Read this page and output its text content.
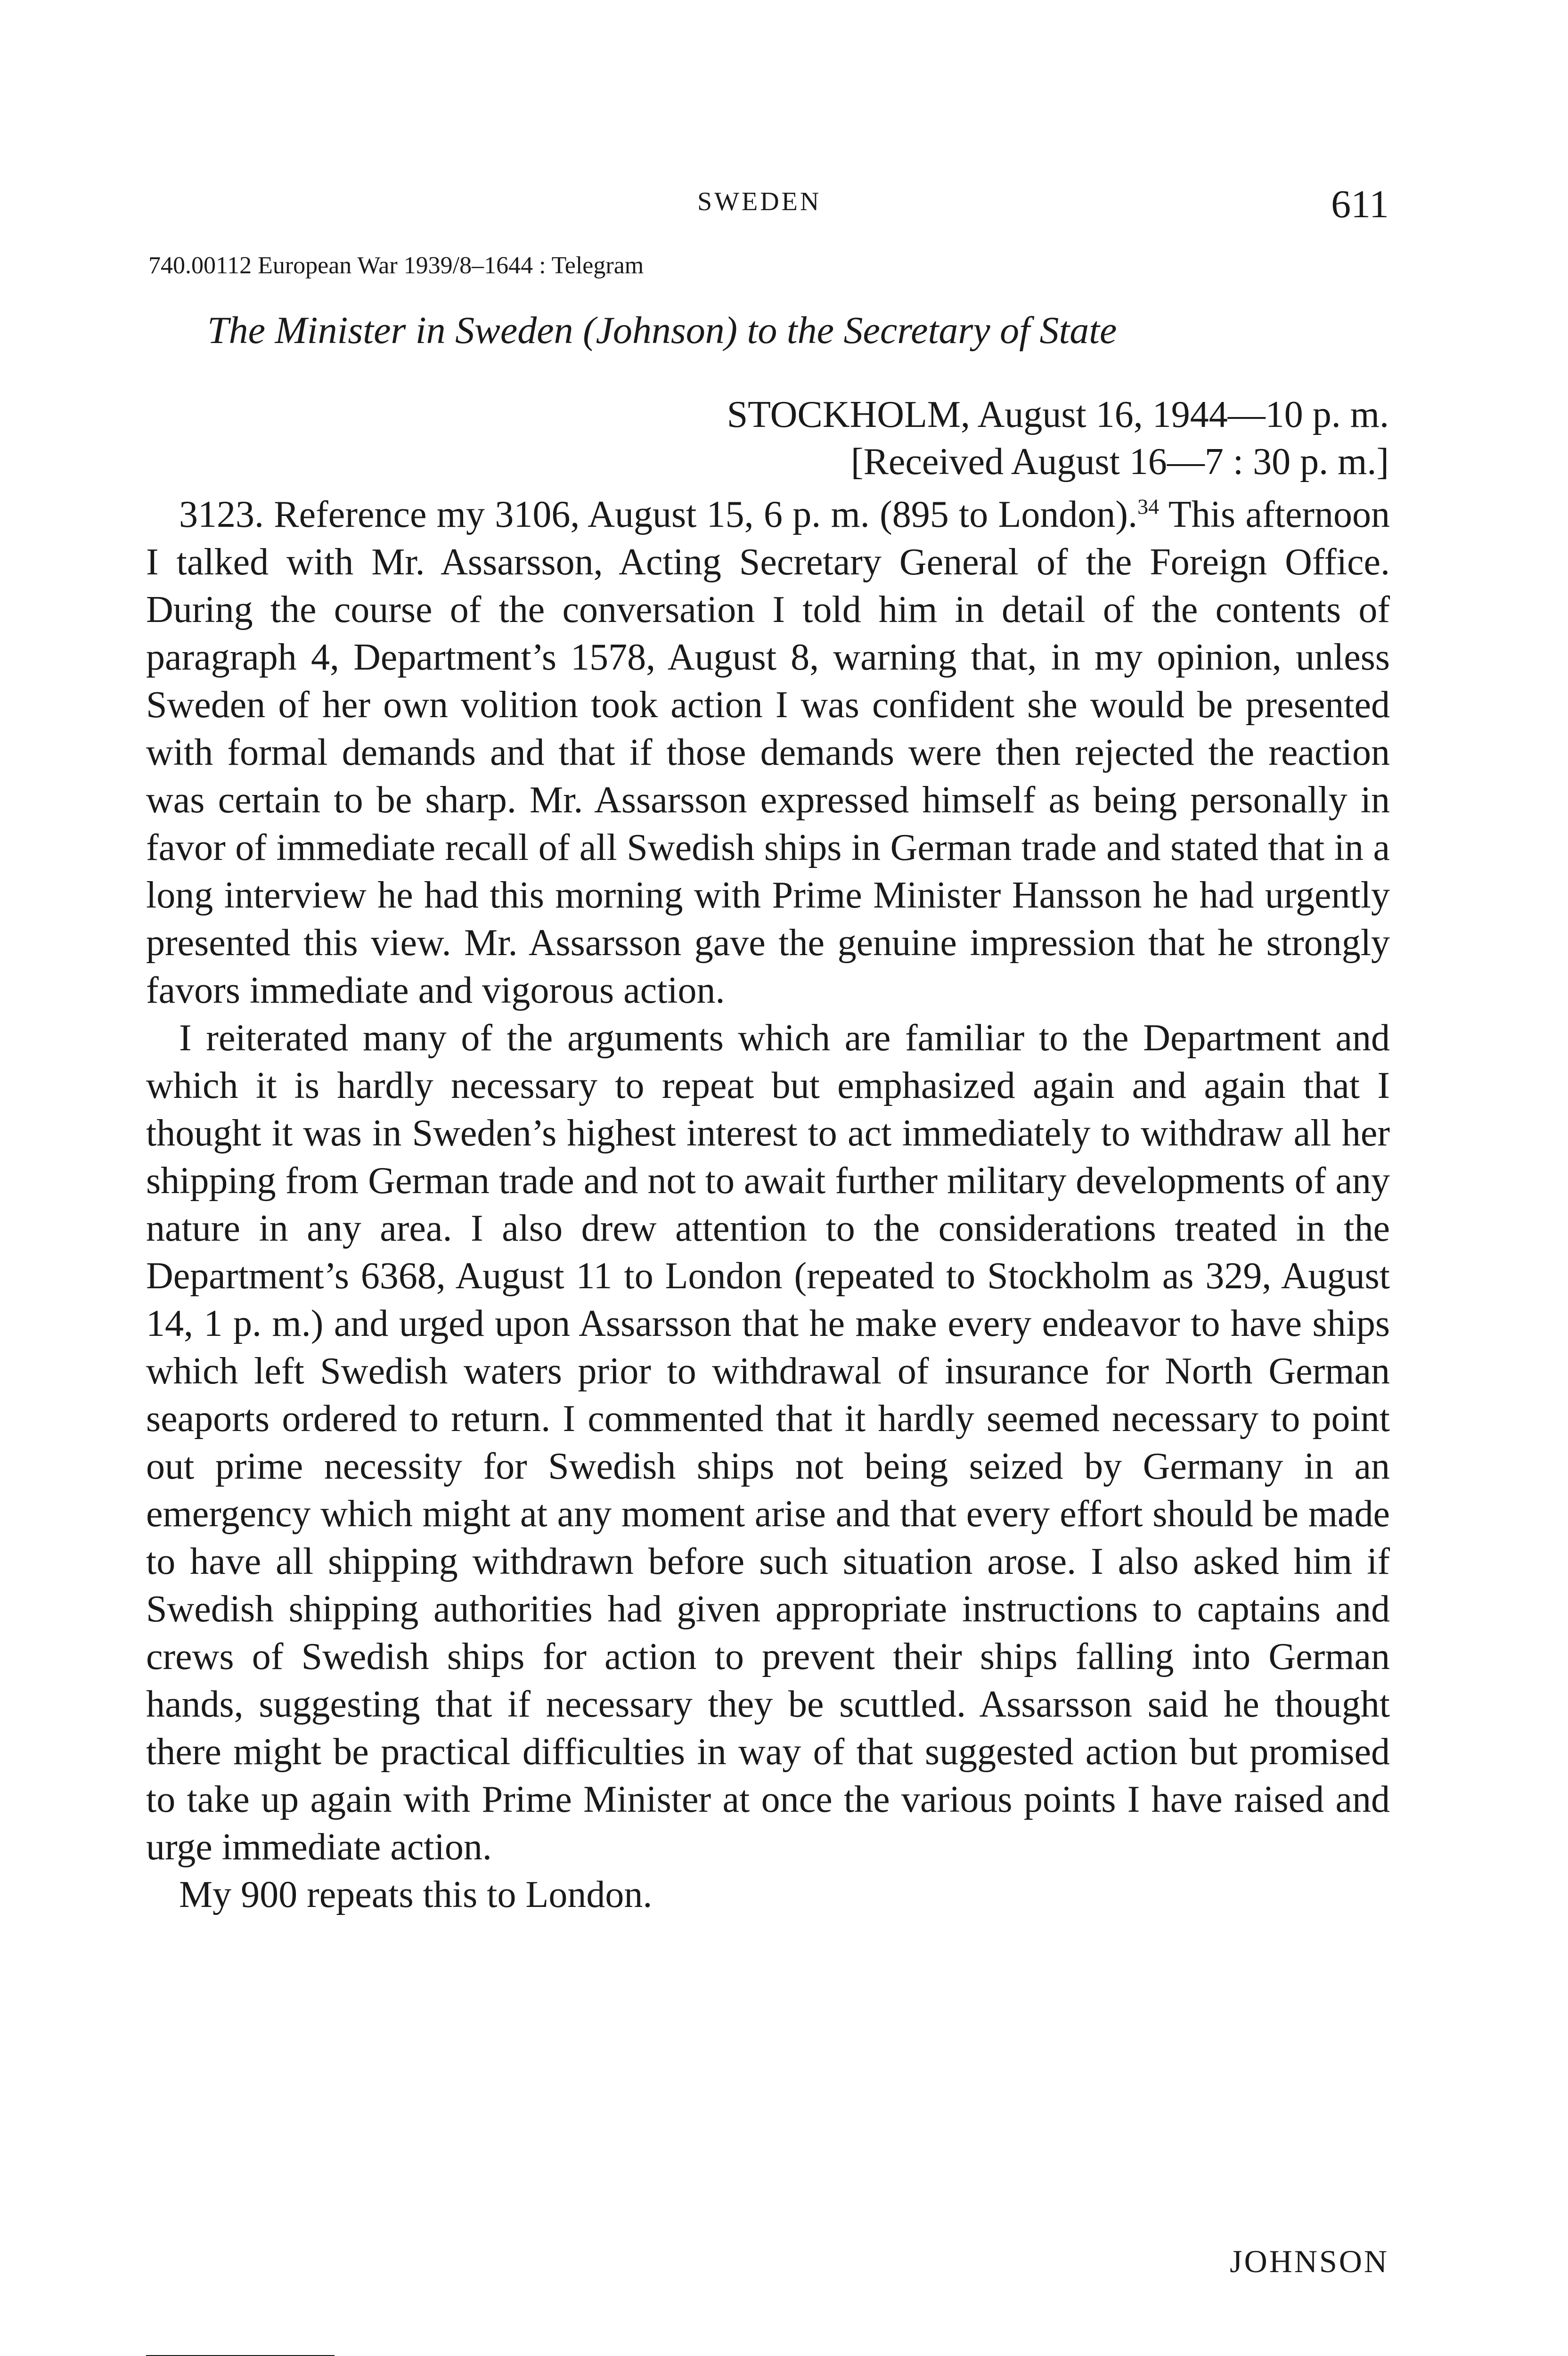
SWEDEN	611
740.00112 European War 1939/8–1644 : Telegram
The Minister in Sweden (Johnson) to the Secretary of State
STOCKHOLM, August 16, 1944—10 p. m.
[Received August 16—7 : 30 p. m.]

3123. Reference my 3106, August 15, 6 p. m. (895 to London).$^{34}$ This afternoon I talked with Mr. Assarsson, Acting Secretary General of the Foreign Office. During the course of the conversation I told him in detail of the contents of paragraph 4, Department’s 1578, August 8, warning that, in my opinion, unless Sweden of her own volition took action I was confident she would be presented with formal demands and that if those demands were then rejected the reaction was certain to be sharp. Mr. Assarsson expressed himself as being personally in favor of immediate recall of all Swedish ships in German trade and stated that in a long interview he had this morning with Prime Minister Hansson he had urgently presented this view. Mr. Assarsson gave the genuine impression that he strongly favors immediate and vigorous action.

I reiterated many of the arguments which are familiar to the Department and which it is hardly necessary to repeat but emphasized again and again that I thought it was in Sweden’s highest interest to act immediately to withdraw all her shipping from German trade and not to await further military developments of any nature in any area. I also drew attention to the considerations treated in the Department’s 6368, August 11 to London (repeated to Stockholm as 329, August 14, 1 p. m.) and urged upon Assarsson that he make every endeavor to have ships which left Swedish waters prior to withdrawal of insurance for North German seaports ordered to return. I commented that it hardly seemed necessary to point out prime necessity for Swedish ships not being seized by Germany in an emergency which might at any moment arise and that every effort should be made to have all shipping withdrawn before such situation arose. I also asked him if Swedish shipping authorities had given appropriate instructions to captains and crews of Swedish ships for action to prevent their ships falling into German hands, suggesting that if necessary they be scuttled. Assarsson said he thought there might be practical difficulties in way of that suggested action but promised to take up again with Prime Minister at once the various points I have raised and urge immediate action.

My 900 repeats this to London.

JOHNSON
